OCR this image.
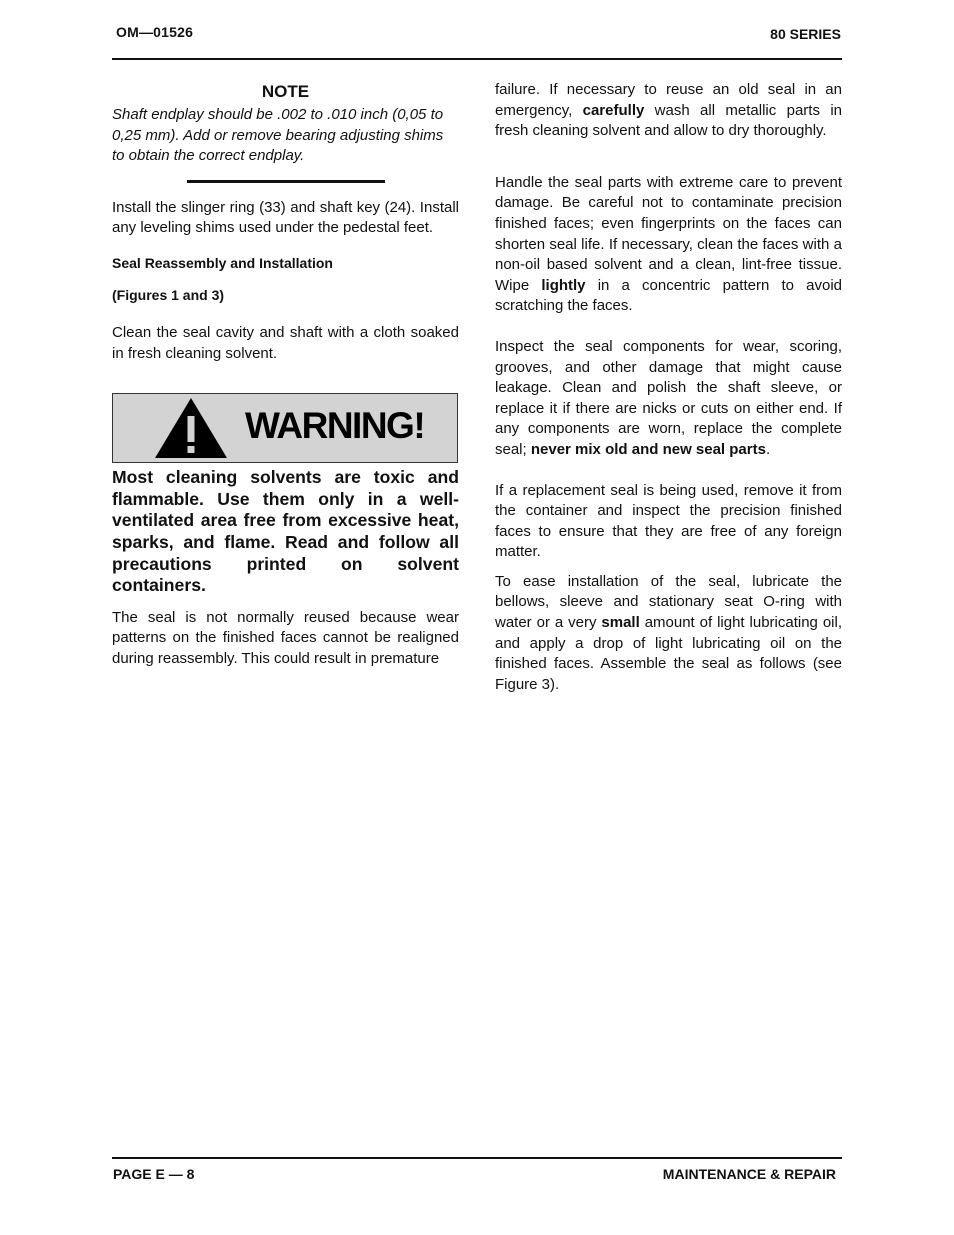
OM—01526	80 SERIES
NOTE

Shaft endplay should be .002 to .010 inch (0,05 to 0,25 mm). Add or remove bearing adjusting shims to obtain the correct endplay.

Install the slinger ring (33) and shaft key (24). Install any leveling shims used under the pedestal feet.

Seal Reassembly and Installation
(Figures 1 and 3)

Clean the seal cavity and shaft with a cloth soaked in fresh cleaning solvent.

WARNING!

Most cleaning solvents are toxic and flammable. Use them only in a well-ventilated area free from excessive heat, sparks, and flame. Read and follow all precautions printed on solvent containers.

The seal is not normally reused because wear patterns on the finished faces cannot be realigned during reassembly. This could result in premature

failure. If necessary to reuse an old seal in an emergency, carefully wash all metallic parts in fresh cleaning solvent and allow to dry thoroughly.

Handle the seal parts with extreme care to prevent damage. Be careful not to contaminate precision finished faces; even fingerprints on the faces can shorten seal life. If necessary, clean the faces with a non-oil based solvent and a clean, lint-free tissue. Wipe lightly in a concentric pattern to avoid scratching the faces.

Inspect the seal components for wear, scoring, grooves, and other damage that might cause leakage. Clean and polish the shaft sleeve, or replace it if there are nicks or cuts on either end. If any components are worn, replace the complete seal; never mix old and new seal parts.

If a replacement seal is being used, remove it from the container and inspect the precision finished faces to ensure that they are free of any foreign matter.

To ease installation of the seal, lubricate the bellows, sleeve and stationary seat O-ring with water or a very small amount of light lubricating oil, and apply a drop of light lubricating oil on the finished faces. Assemble the seal as follows (see Figure 3).

PAGE E — 8	MAINTENANCE & REPAIR
